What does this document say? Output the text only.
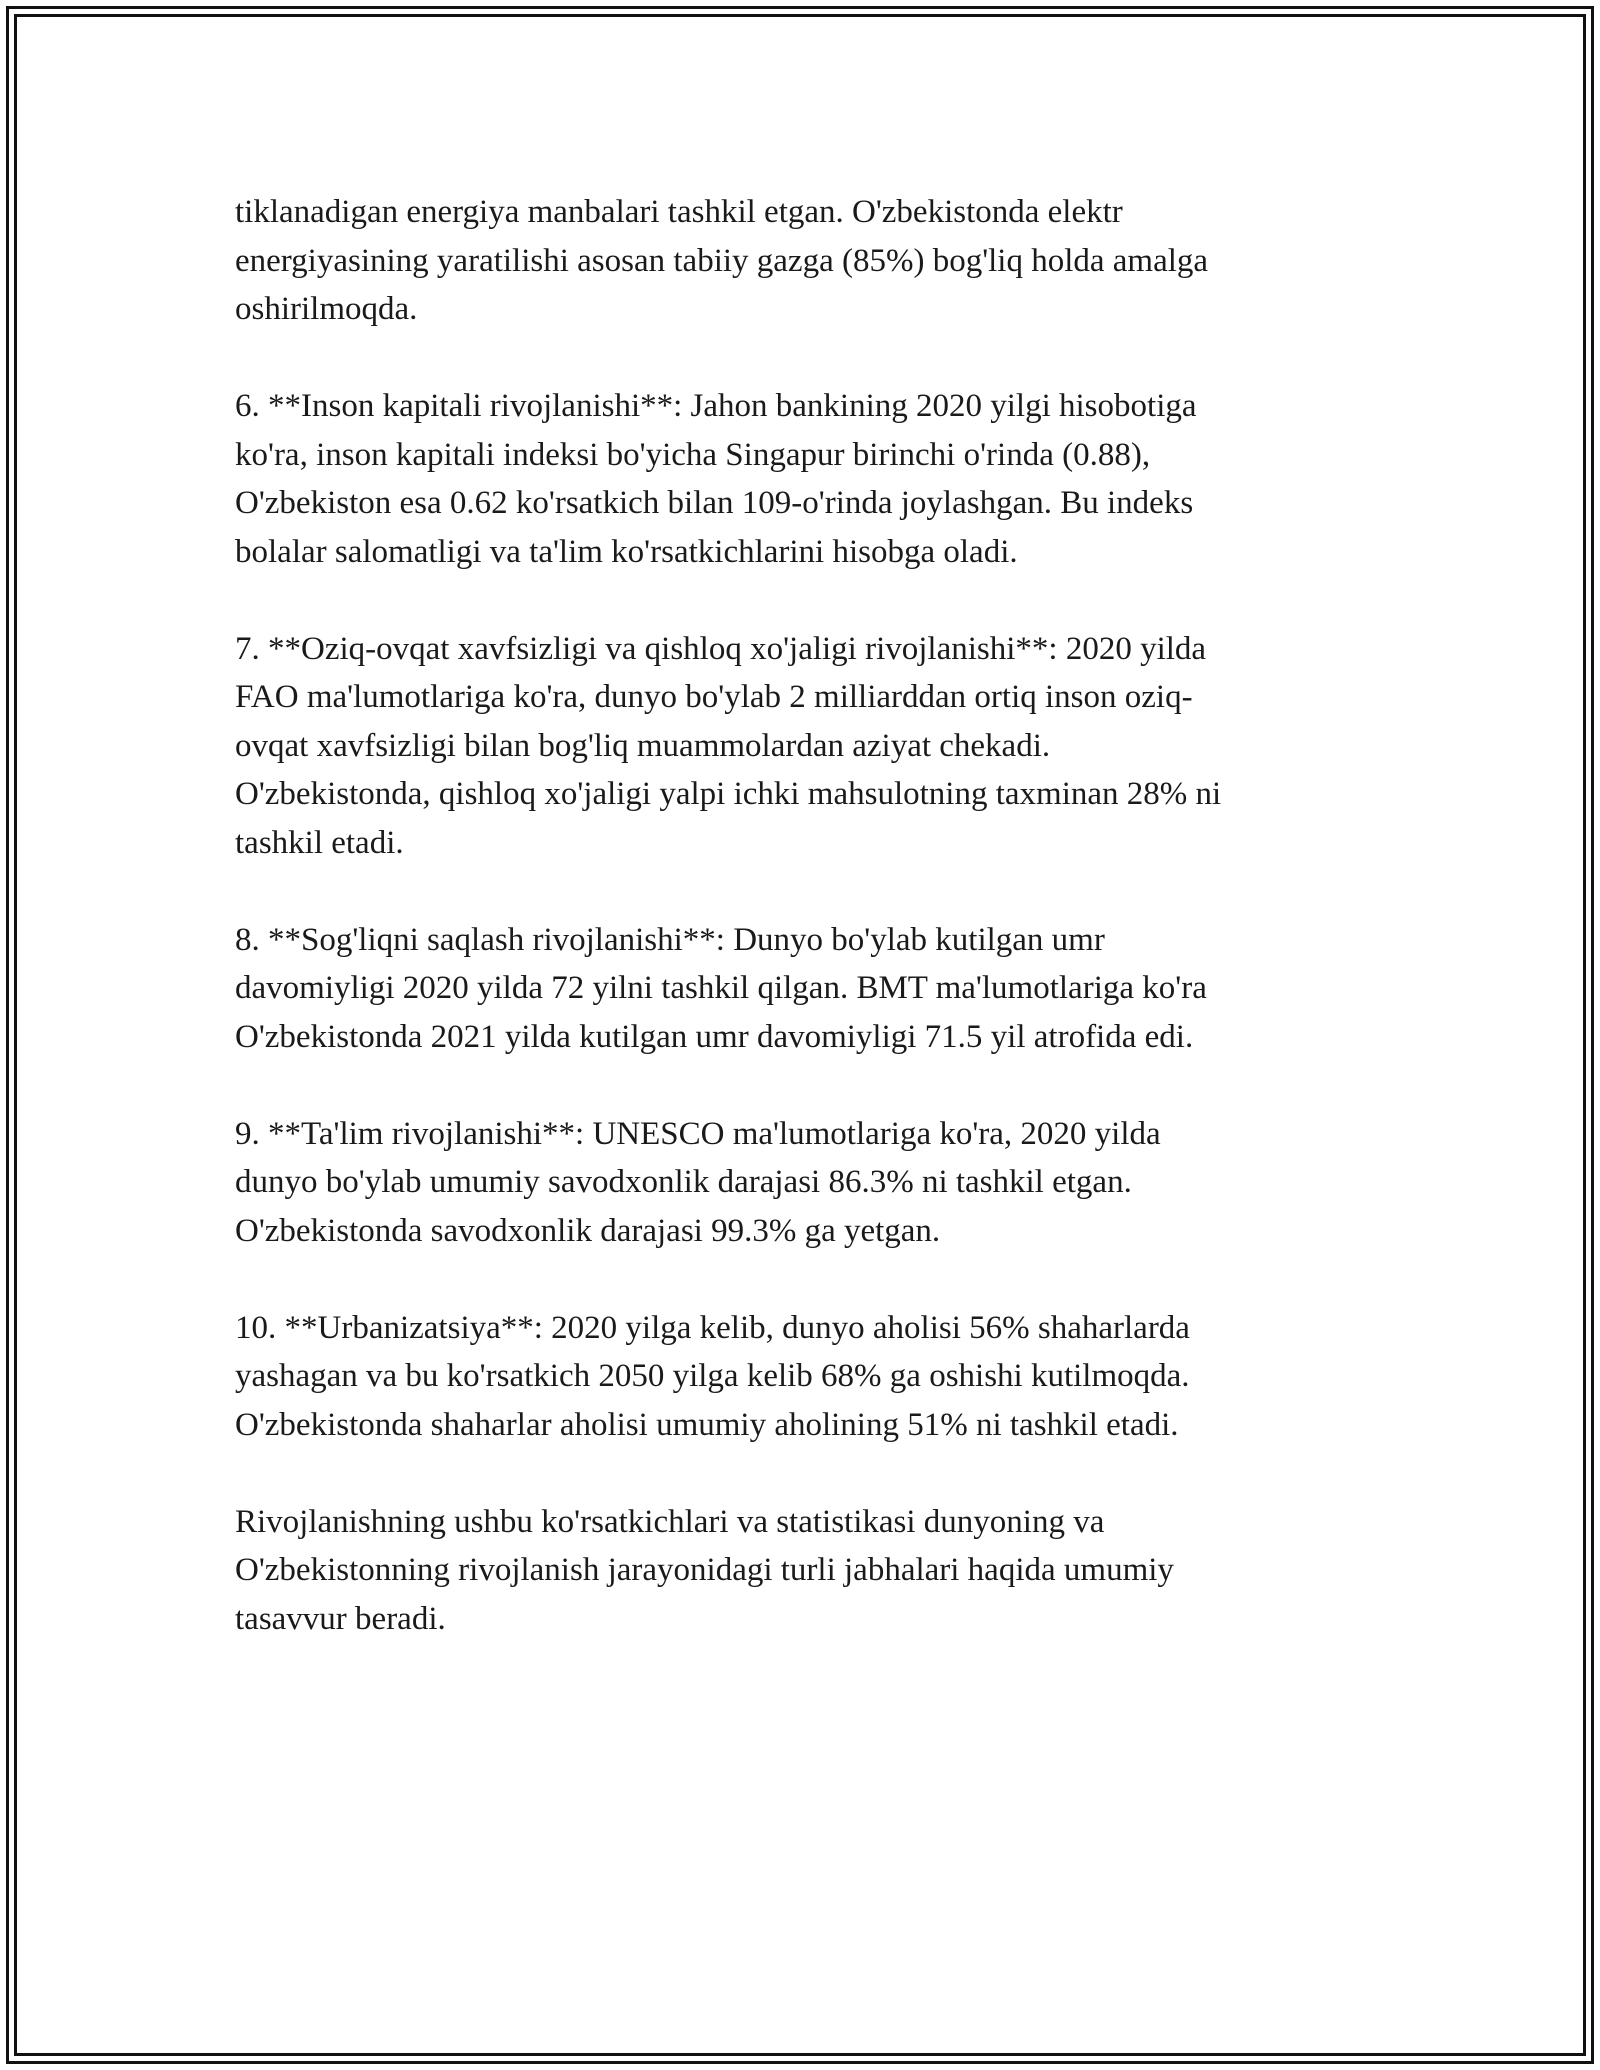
tiklanadigan energiya manbalari tashkil etgan. O'zbekistonda elektr
energiyasining yaratilishi asosan tabiiy gazga (85%) bog'liq holda amalga
oshirilmoqda.

6. **Inson kapitali rivojlanishi**: Jahon bankining 2020 yilgi hisobotiga
ko'ra, inson kapitali indeksi bo'yicha Singapur birinchi o'rinda (0.88),
O'zbekiston esa 0.62 ko'rsatkich bilan 109-o'rinda joylashgan. Bu indeks
bolalar salomatligi va ta'lim ko'rsatkichlarini hisobga oladi.

7. **Oziq-ovqat xavfsizligi va qishloq xo'jaligi rivojlanishi**: 2020 yilda
FAO ma'lumotlariga ko'ra, dunyo bo'ylab 2 milliarddan ortiq inson oziq-
ovqat xavfsizligi bilan bog'liq muammolardan aziyat chekadi.
O'zbekistonda, qishloq xo'jaligi yalpi ichki mahsulotning taxminan 28% ni
tashkil etadi.

8. **Sog'liqni saqlash rivojlanishi**: Dunyo bo'ylab kutilgan umr
davomiyligi 2020 yilda 72 yilni tashkil qilgan. BMT ma'lumotlariga ko'ra
O'zbekistonda 2021 yilda kutilgan umr davomiyligi 71.5 yil atrofida edi.

9. **Ta'lim rivojlanishi**: UNESCO ma'lumotlariga ko'ra, 2020 yilda
dunyo bo'ylab umumiy savodxonlik darajasi 86.3% ni tashkil etgan.
O'zbekistonda savodxonlik darajasi 99.3% ga yetgan.

10. **Urbanizatsiya**: 2020 yilga kelib, dunyo aholisi 56% shaharlarda
yashagan va bu ko'rsatkich 2050 yilga kelib 68% ga oshishi kutilmoqda.
O'zbekistonda shaharlar aholisi umumiy aholining 51% ni tashkil etadi.

Rivojlanishning ushbu ko'rsatkichlari va statistikasi dunyoning va
O'zbekistonning rivojlanish jarayonidagi turli jabhalari haqida umumiy
tasavvur beradi.
